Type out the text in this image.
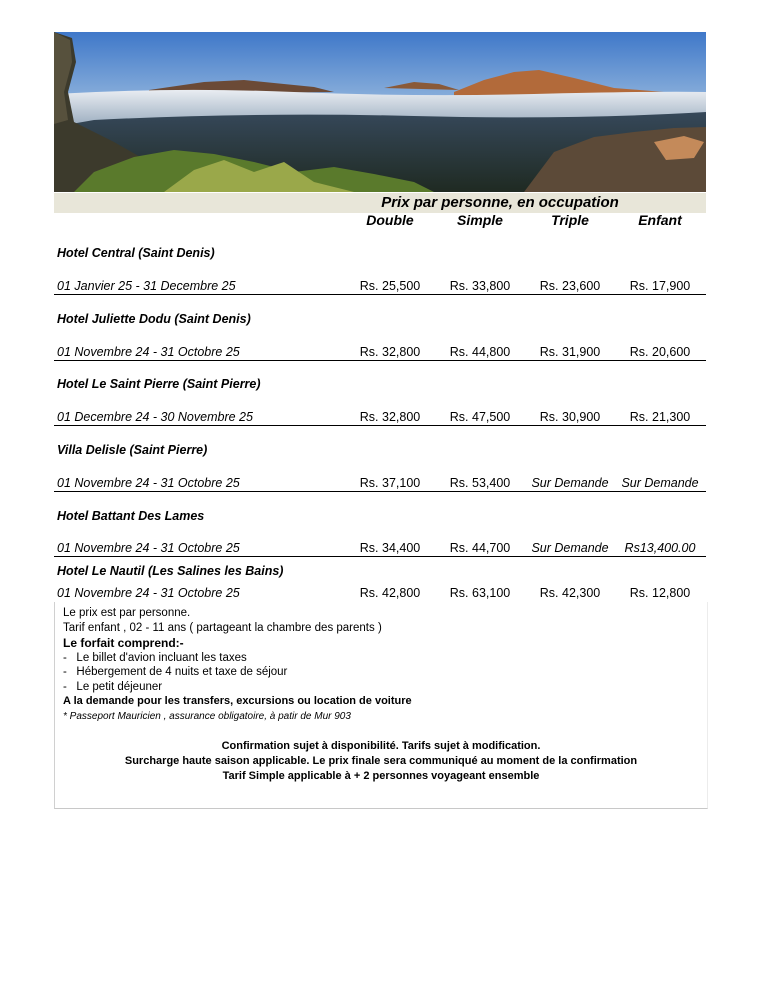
Prix par personne, en occupation
Double	Simple	Triple	Enfant
Hotel Central (Saint Denis)
01 Janvier 25 - 31 Decembre 25	Rs. 25,500	Rs. 33,800	Rs. 23,600	Rs. 17,900
Hotel Juliette Dodu (Saint Denis)
01 Novembre 24 - 31 Octobre 25	Rs. 32,800	Rs. 44,800	Rs. 31,900	Rs. 20,600
Hotel Le Saint Pierre (Saint Pierre)
01 Decembre 24 - 30 Novembre 25	Rs. 32,800	Rs. 47,500	Rs. 30,900	Rs. 21,300
Villa Delisle (Saint Pierre)
01 Novembre 24 - 31 Octobre 25	Rs. 37,100	Rs. 53,400	Sur Demande	Sur Demande
Hotel Battant Des Lames
01 Novembre 24 - 31 Octobre 25	Rs. 34,400	Rs. 44,700	Sur Demande	Rs13,400.00
Hotel Le Nautil (Les Salines les Bains)
01 Novembre 24 - 31 Octobre 25	Rs. 42,800	Rs. 63,100	Rs. 42,300	Rs. 12,800
Le prix est par personne.
Tarif enfant , 02 - 11 ans ( partageant la chambre des parents )
Le forfait comprend:-
-   Le billet d'avion incluant les taxes
-   Hébergement de 4 nuits et taxe de séjour
-   Le petit déjeuner
A la demande pour les transfers, excursions ou location de voiture
* Passeport Mauricien , assurance obligatoire, à patir de Mur 903
Confirmation sujet à disponibilité. Tarifs sujet à modification.
Surcharge haute saison applicable. Le prix finale sera communiqué au moment de la confirmation
Tarif Simple applicable à + 2 personnes voyageant ensemble
